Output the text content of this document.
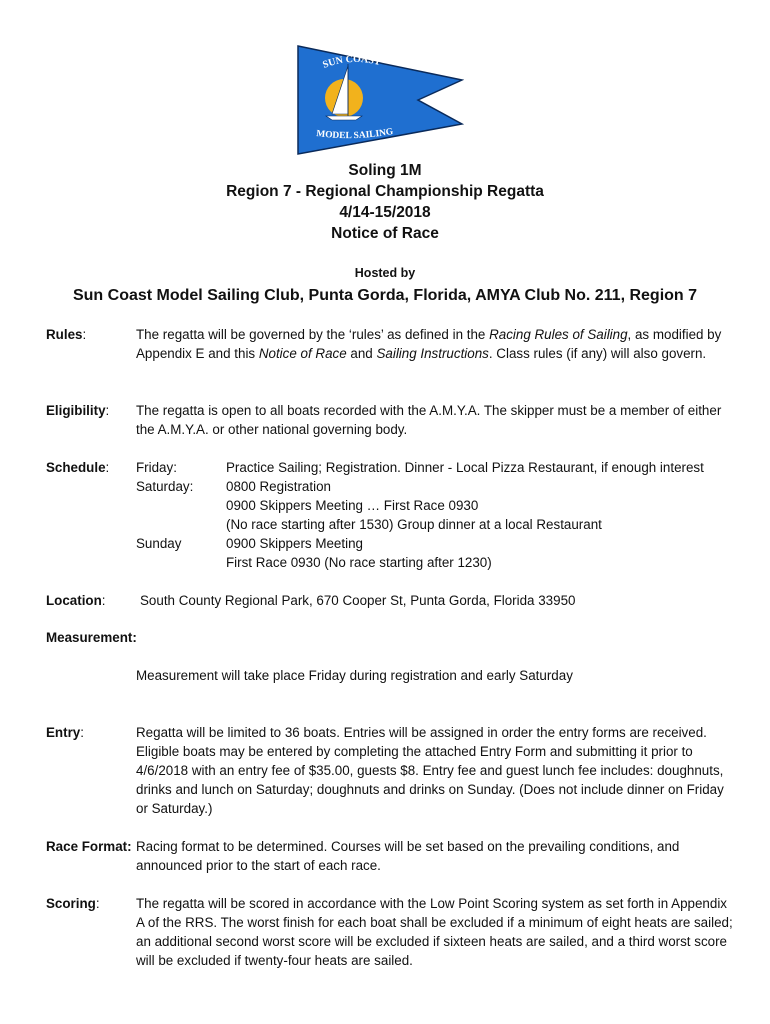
SUN COAST
MODEL SAILING
Soling 1M
Region 7 - Regional Championship Regatta
4/14-15/2018
Notice of Race
Hosted by
Sun Coast Model Sailing Club, Punta Gorda, Florida, AMYA Club No. 211, Region 7
Rules:	The regatta will be governed by the ‘rules’ as defined in the Racing Rules of Sailing, as modified by Appendix E and this Notice of Race and Sailing Instructions. Class rules (if any) will also govern.
Eligibility: The regatta is open to all boats recorded with the A.M.Y.A. The skipper must be a member of either the A.M.Y.A. or other national governing body.
Schedule: Friday:	Practice Sailing; Registration. Dinner - Local Pizza Restaurant, if enough interest
Saturday: 0800 Registration
0900 Skippers Meeting … First Race 0930
(No race starting after 1530) Group dinner at a local Restaurant
Sunday	0900 Skippers Meeting
First Race 0930 (No race starting after 1230)
Location:	South County Regional Park, 670 Cooper St, Punta Gorda, Florida 33950
Measurement:
Measurement will take place Friday during registration and early Saturday
Entry:	Regatta will be limited to 36 boats. Entries will be assigned in order the entry forms are received. Eligible boats may be entered by completing the attached Entry Form and submitting it prior to 4/6/2018 with an entry fee of $35.00, guests $8. Entry fee and guest lunch fee includes: doughnuts, drinks and lunch on Saturday; doughnuts and drinks on Sunday. (Does not include dinner on Friday or Saturday.)
Race Format: Racing format to be determined. Courses will be set based on the prevailing conditions, and announced prior to the start of each race.
Scoring:	The regatta will be scored in accordance with the Low Point Scoring system as set forth in Appendix A of the RRS. The worst finish for each boat shall be excluded if a minimum of eight heats are sailed; an additional second worst score will be excluded if sixteen heats are sailed, and a third worst score will be excluded if twenty-four heats are sailed.
